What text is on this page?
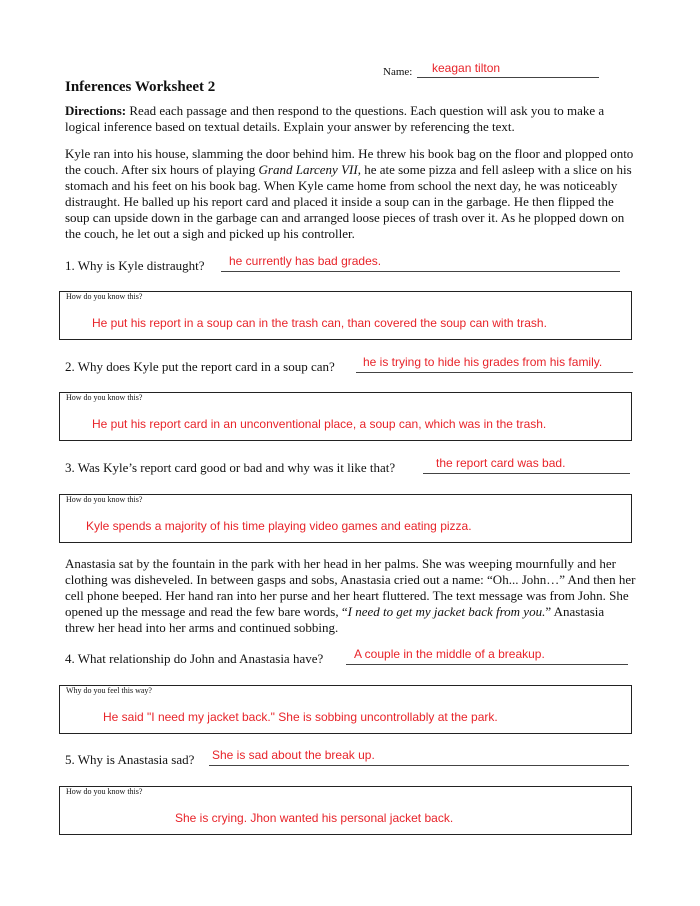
Name: keagan tilton
Inferences Worksheet 2

Directions: Read each passage and then respond to the questions. Each question will ask you to make a logical inference based on textual details. Explain your answer by referencing the text.

Kyle ran into his house, slamming the door behind him. He threw his book bag on the floor and plopped onto the couch. After six hours of playing Grand Larceny VII, he ate some pizza and fell asleep with a slice on his stomach and his feet on his book bag. When Kyle came home from school the next day, he was noticeably distraught. He balled up his report card and placed it inside a soup can in the garbage. He then flipped the soup can upside down in the garbage can and arranged loose pieces of trash over it. As he plopped down on the couch, he let out a sigh and picked up his controller.

1. Why is Kyle distraught? he currently has bad grades.
How do you know this?
He put his report in a soup can in the trash can, than covered the soup can with trash.
2. Why does Kyle put the report card in a soup can? he is trying to hide his grades from his family.
How do you know this?
He put his report card in an unconventional place, a soup can, which was in the trash.
3. Was Kyle’s report card good or bad and why was it like that?	the report card was bad.
How do you know this?
Kyle spends a majority of his time playing video games and eating pizza.

Anastasia sat by the fountain in the park with her head in her palms. She was weeping mournfully and her clothing was disheveled. In between gasps and sobs, Anastasia cried out a name: “Oh... John…” And then her cell phone beeped. Her hand ran into her purse and her heart fluttered. The text message was from John. She opened up the message and read the few bare words, “I need to get my jacket back from you.” Anastasia threw her head into her arms and continued sobbing.

4. What relationship do John and Anastasia have?	A couple in the middle of a breakup.
Why do you feel this way?
He said "I need my jacket back." She is sobbing uncontrollably at the park.
5. Why is Anastasia sad? She is sad about the break up.
How do you know this?
She is crying. Jhon wanted his personal jacket back.
